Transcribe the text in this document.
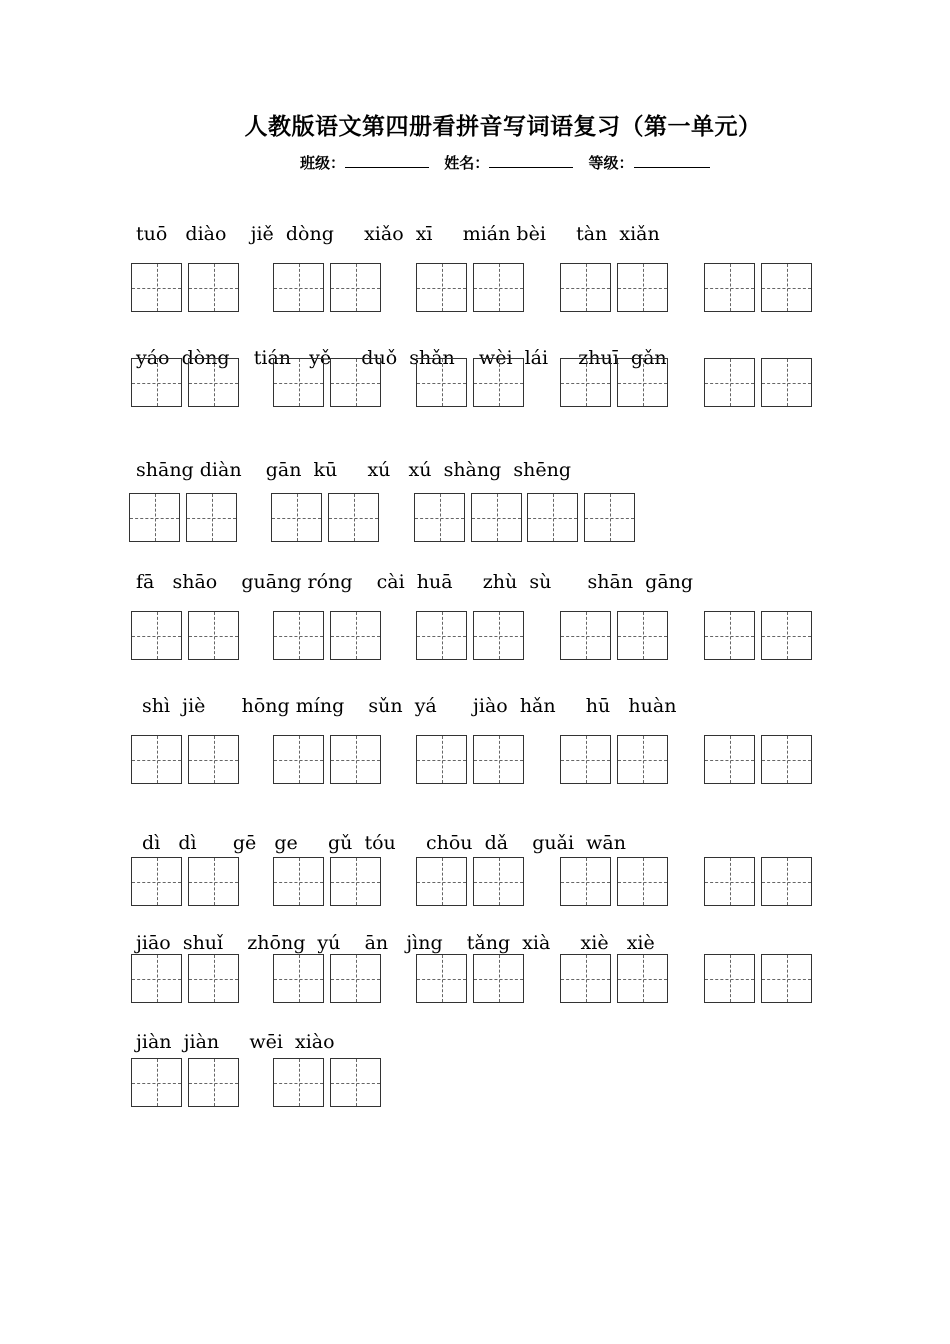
人教版语文第四册看拼音写词语复习（第一单元）
班级：	姓名：	等级：
tuō   diào    jiě  dòng     xiǎo  xī     mián bèi     tàn  xiǎn
yáo  dòng    tián   yě     duǒ  shǎn    wèi  lái     zhuī  gǎn
shāng diàn    gān  kū     xú   xú  shàng  shēng
fā   shāo    guāng róng    cài  huā     zhù  sù      shān  gāng
shì  jiè      hōng míng    sǔn  yá      jiào  hǎn     hū   huàn
dì   dì      gē   ge     gǔ  tóu     chōu  dǎ    guǎi  wān
jiāo  shuǐ    zhōng  yú    ān   jìng    tǎng  xià     xiè   xiè
jiàn  jiàn     wēi  xiào
